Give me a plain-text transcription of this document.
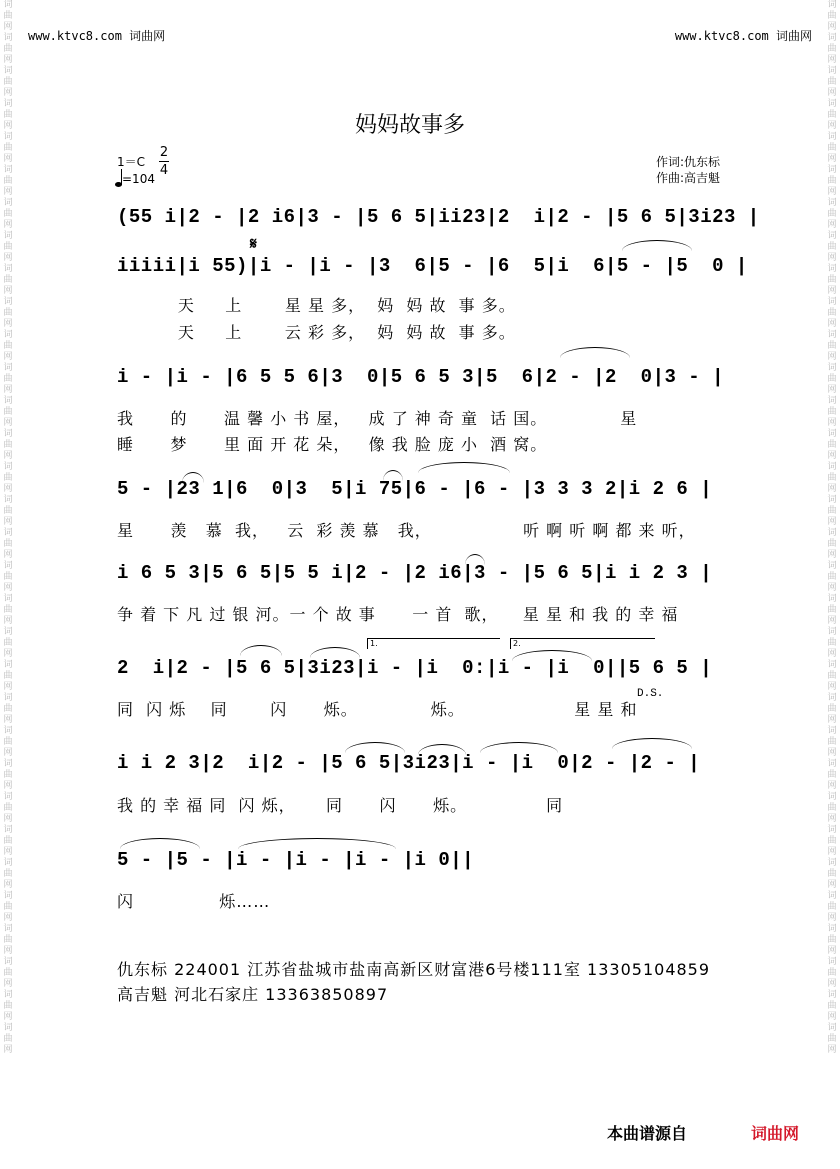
词曲网词曲网词曲网词曲网词曲网词曲网词曲网词曲网词曲网词曲网词曲网词曲网词曲网词曲网词曲网词曲网词曲网词曲网词曲网词曲网词曲网词曲网词曲网词曲网词曲网词曲网词曲网词曲网词曲网词曲网词曲网词曲网
词曲网词曲网词曲网词曲网词曲网词曲网词曲网词曲网词曲网词曲网词曲网词曲网词曲网词曲网词曲网词曲网词曲网词曲网词曲网词曲网词曲网词曲网词曲网词曲网词曲网词曲网词曲网词曲网词曲网词曲网词曲网词曲网
www.ktvc8.com 词曲网	www.ktvc8.com 词曲网
妈妈故事多
1＝C
2
4
=104
作词:仇东标
作曲:高吉魁
(55 i|2 - |2 i6|3 - |5 6 5|ii23|2  i|2 - |5 6 5|3i23 |
iiiii|i 55)|i - |i - |3  6|5 - |6  5|i  6|5 - |5  0 |
𝄋
天     上       星 星 多，  妈  妈 故  事 多。
天     上       云 彩 多，  妈  妈 故  事 多。
i - |i - |6 5 5 6|3  0|5 6 5 3|5  6|2 - |2  0|3 - |
我      的      温 馨 小 书 屋，   成 了 神 奇 童  话 国。            星
睡      梦      里 面 开 花 朵，   像 我 脸 庞 小  酒 窝。
5 - |23 1|6  0|3  5|i 75|6 - |6 - |3 3 3 2|i 2 6 |
星      羡   慕  我，   云  彩 羡 慕   我，               听 啊 听 啊 都 来 听，
i 6 5 3|5 6 5|5 5 i|2 - |2 i6|3 - |5 6 5|i i 2 3 |
争 着 下 凡 过 银 河。一 个 故 事      一 首  歌，    星 星 和 我 的 幸 福
1.	2.
2  i|2 - |5 6 5|3i23|i - |i  0:|i - |i  0||5 6 5 |
D.S.
同  闪 烁    同       闪      烁。            烁。                  星 星 和
i i 2 3|2  i|2 - |5 6 5|3i23|i - |i  0|2 - |2 - |
我 的 幸 福 同  闪 烁，     同      闪      烁。             同
5 - |5 - |i - |i - |i - |i 0||
闪              烁……
仇东标 224001 江苏省盐城市盐南高新区财富港6号楼111室 13305104859
高吉魁 河北石家庄 13363850897
本曲谱源自	词曲网
